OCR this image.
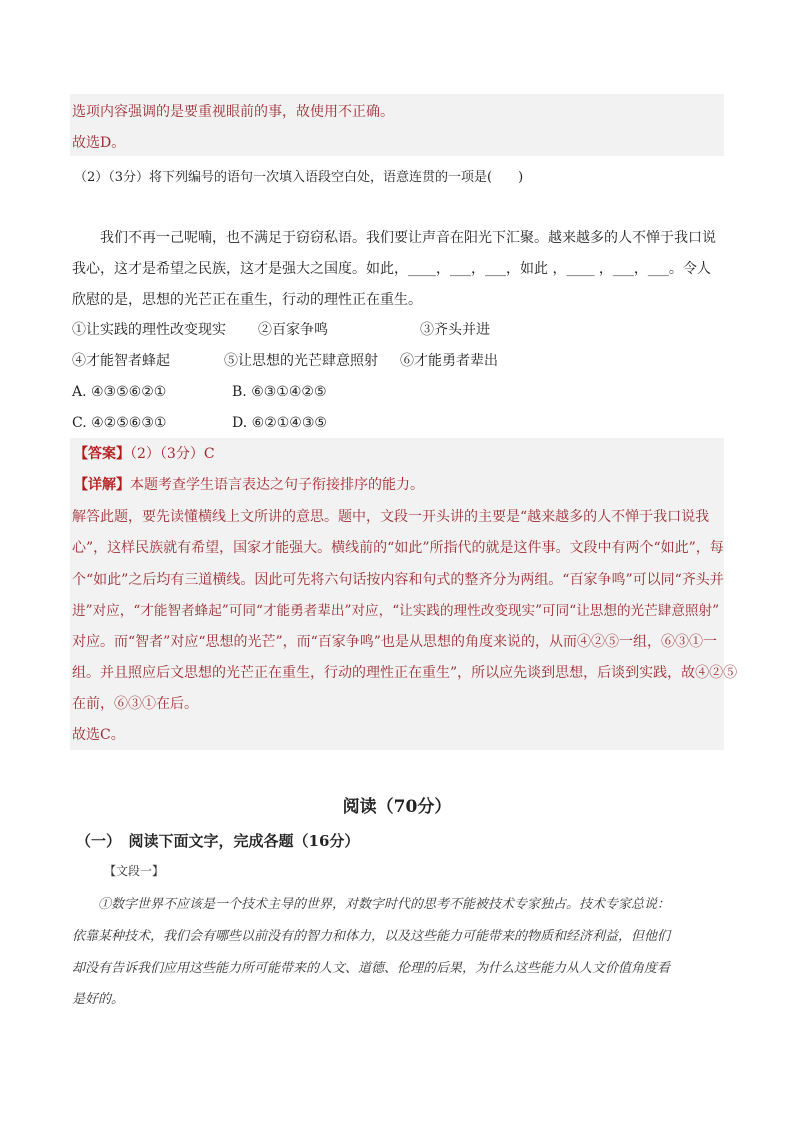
选项内容强调的是要重视眼前的事，故使用不正确。
故选D。
（2）（3分）将下列编号的语句一次填入语段空白处，语意连贯的一项是(　　)
我们不再一己呢喃，也不满足于窃窃私语。我们要让声音在阳光下汇聚。越来越多的人不惮于我口说
我心，这才是希望之民族，这才是强大之国度。如此，____，___，___，如此 ，____ ，___，___。令人
欣慰的是，思想的光芒正在重生，行动的理性正在重生。
①让实践的理性改变现实 ②百家争鸣	③齐头并进
④才能智者蜂起	⑤让思想的光芒肆意照射 ⑥才能勇者辈出
A. ④③⑤⑥②①	B. ⑥③①④②⑤
C. ④②⑤⑥③①	D. ⑥②①④③⑤
【答案】（2）（3分）C
【详解】本题考查学生语言表达之句子衔接排序的能力。
解答此题，要先读懂横线上文所讲的意思。题中，文段一开头讲的主要是“越来越多的人不惮于我口说我
心”，这样民族就有希望，国家才能强大。横线前的“如此”所指代的就是这件事。文段中有两个“如此”，每
个“如此”之后均有三道横线。因此可先将六句话按内容和句式的整齐分为两组。“百家争鸣”可以同“齐头并
进”对应，“才能智者蜂起”可同“才能勇者辈出”对应，“让实践的理性改变现实”可同“让思想的光芒肆意照射”
对应。而“智者”对应“思想的光芒”，而“百家争鸣”也是从思想的角度来说的，从而④②⑤一组，⑥③①一
组。并且照应后文思想的光芒正在重生，行动的理性正在重生”，所以应先谈到思想，后谈到实践，故④②⑤
在前，⑥③①在后。
故选C。
阅读（70分）
（一）　阅读下面文字，完成各题（16分）
【文段一】
①数字世界不应该是一个技术主导的世界，对数字时代的思考不能被技术专家独占。技术专家总说：
依靠某种技术，我们会有哪些以前没有的智力和体力，以及这些能力可能带来的物质和经济利益，但他们
却没有告诉我们应用这些能力所可能带来的人文、道德、伦理的后果，为什么这些能力从人文价值角度看
是好的。
